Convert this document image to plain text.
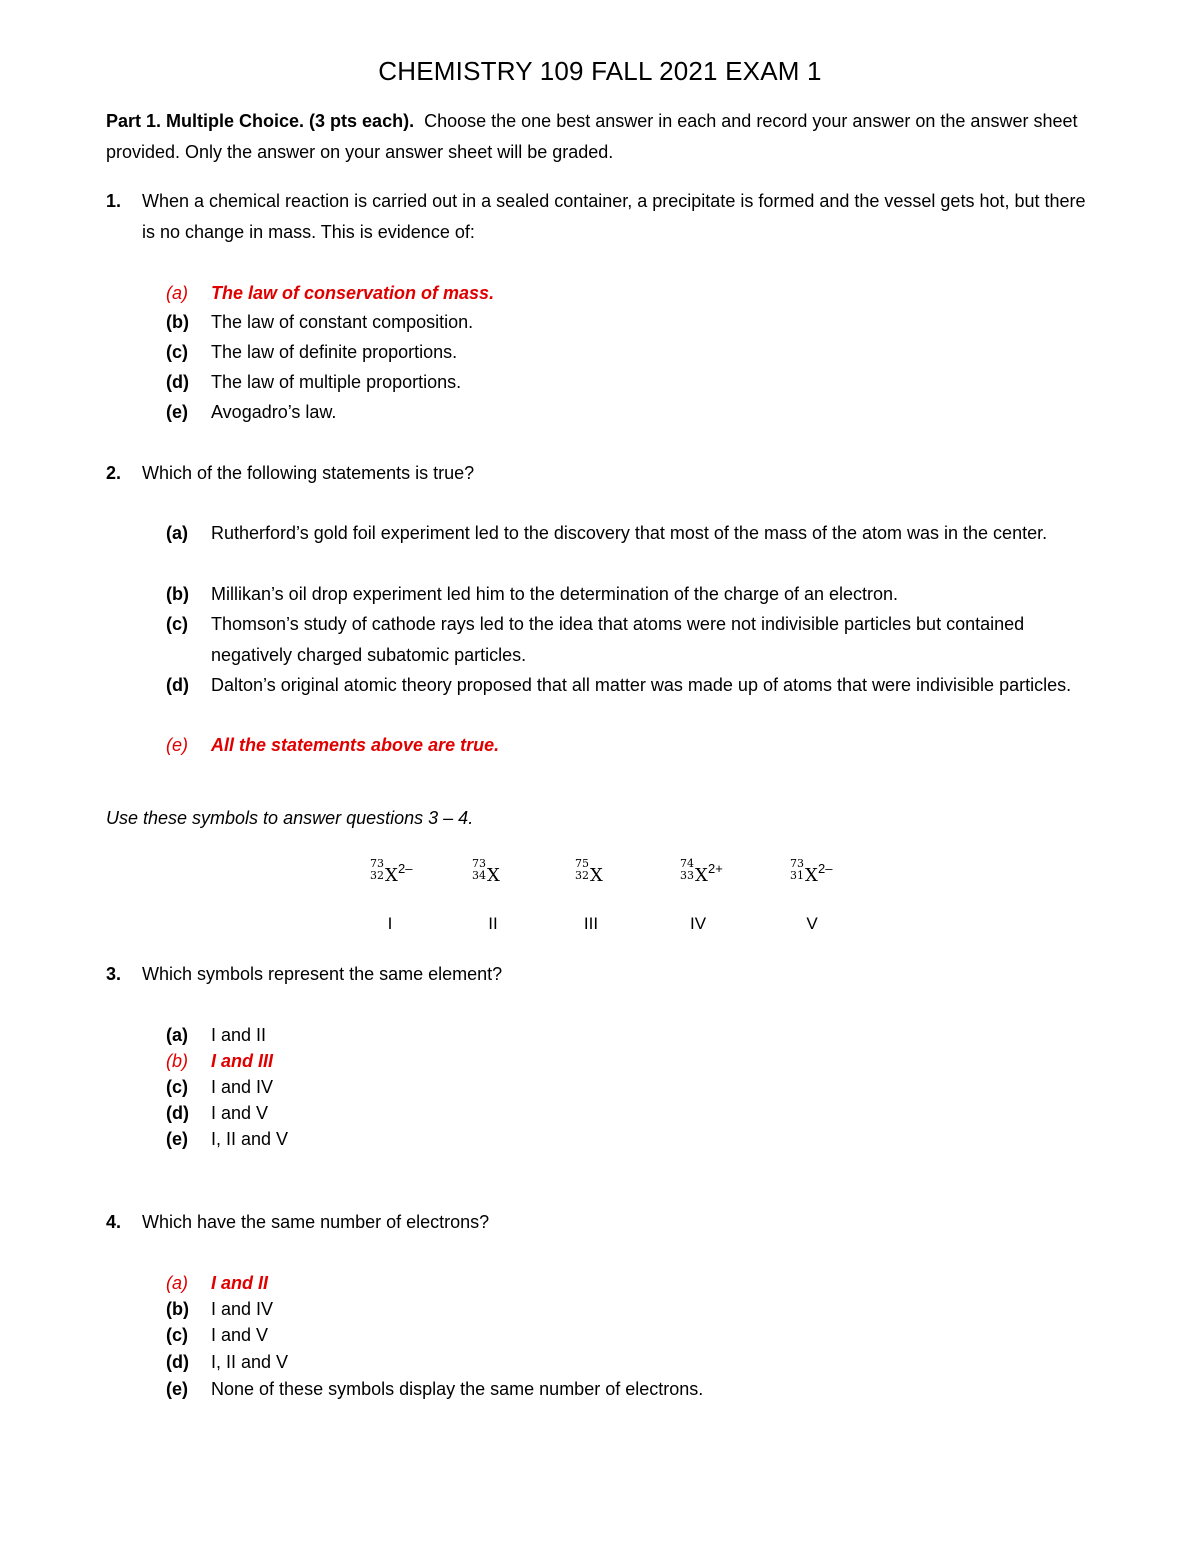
CHEMISTRY 109 FALL 2021 EXAM 1
Part 1. Multiple Choice. (3 pts each). Choose the one best answer in each and record your answer on the answer sheet provided. Only the answer on your answer sheet will be graded.
1. When a chemical reaction is carried out in a sealed container, a precipitate is formed and the vessel gets hot, but there is no change in mass. This is evidence of:
(a) The law of conservation of mass.
(b) The law of constant composition.
(c) The law of definite proportions.
(d) The law of multiple proportions.
(e) Avogadro’s law.
2. Which of the following statements is true?
(a) Rutherford’s gold foil experiment led to the discovery that most of the mass of the atom was in the center.
(b) Millikan’s oil drop experiment led him to the determination of the charge of an electron.
(c) Thomson’s study of cathode rays led to the idea that atoms were not indivisible particles but contained negatively charged subatomic particles.
(d) Dalton’s original atomic theory proposed that all matter was made up of atoms that were indivisible particles.
(e) All the statements above are true.
Use these symbols to answer questions 3 – 4.
73
32 X 2–	73
34 X
75
32 X
74
33 X 2+	73
31 X 2–
I	II	III	IV	V
3. Which symbols represent the same element?
(a) I and II
(b) I and III
(c) I and IV
(d) I and V
(e) I, II and V
4. Which have the same number of electrons?
(a) I and II
(b) I and IV
(c) I and V
(d) I, II and V
(e) None of these symbols display the same number of electrons.
